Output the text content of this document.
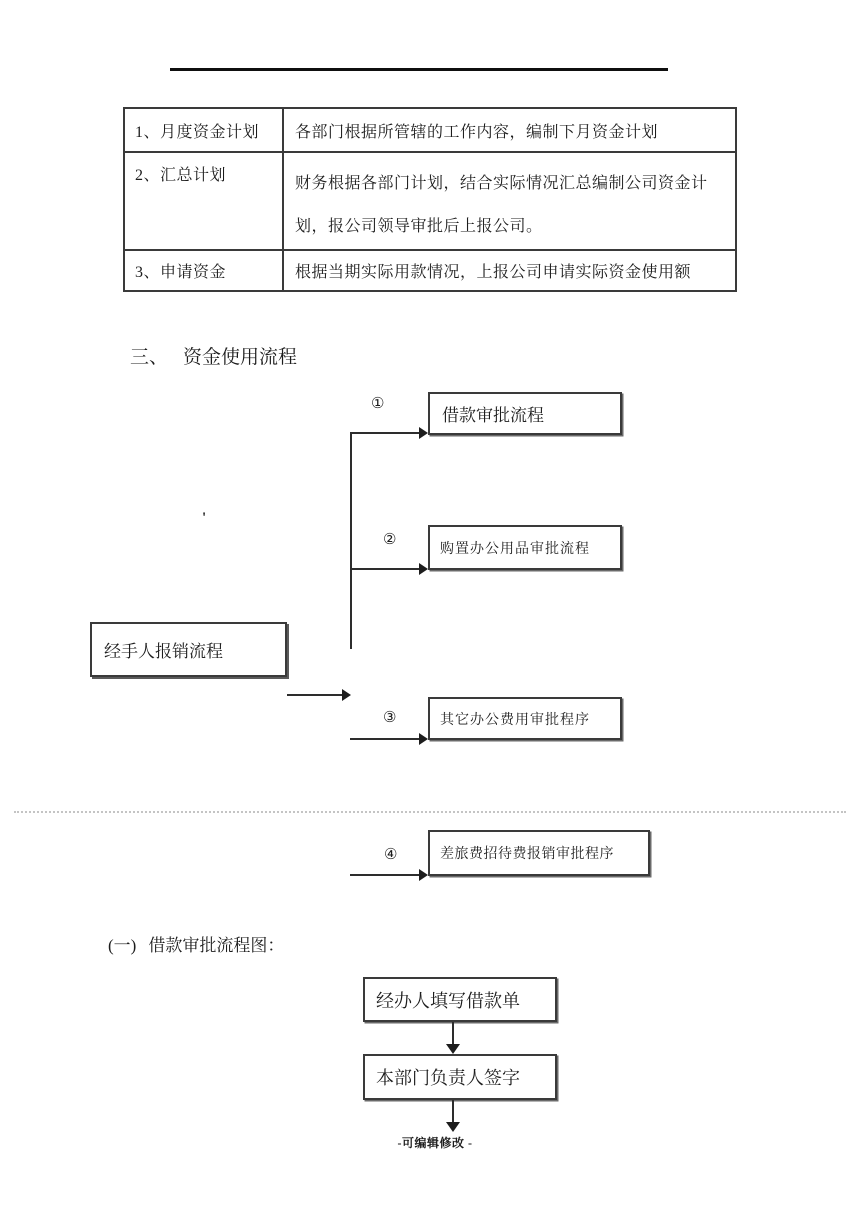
1、月度资金计划	各部门根据所管辖的工作内容，编制下月资金计划

2、汇总计划	财务根据各部门计划，结合实际情况汇总编制公司资金计
划，报公司领导审批后上报公司。

3、申请资金	根据当期实际用款情况，上报公司申请实际资金使用额
三、 资金使用流程
①
借款审批流程
②
购置办公用品审批流程
'
经手人报销流程
③	其它办公费用审批程序
④	差旅费招待费报销审批程序
(一) 借款审批流程图：
经办人填写借款单
本部门负责人签字
-可编辑修改 -
